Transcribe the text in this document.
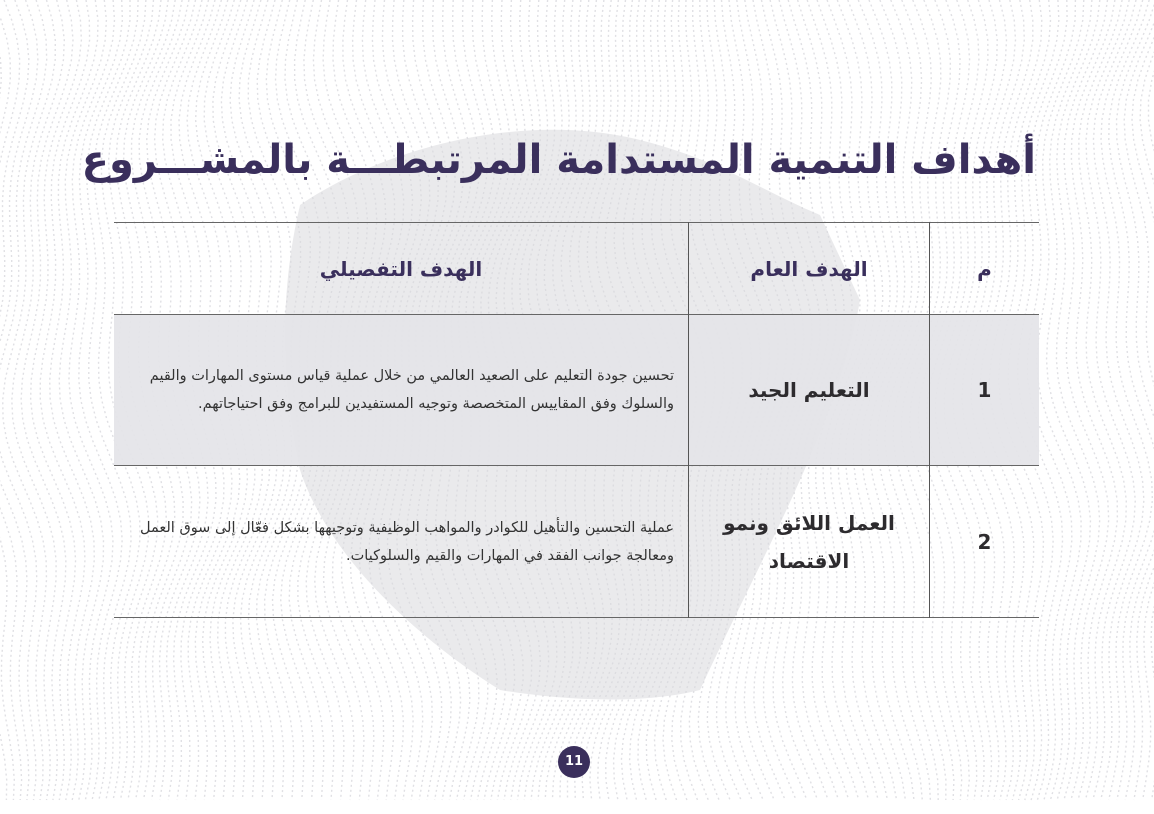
أهداف التنمية المستدامة المرتبطـــة بالمشـــروع
م	الهدف العام	الهدف التفصيلي
1	التعليم الجيد	تحسين جودة التعليم على الصعيد العالمي من خلال عملية قياس مستوى المهارات والقيم والسلوك وفق المقاييس المتخصصة وتوجيه المستفيدين للبرامج وفق احتياجاتهم.
2	العمل اللائق ونمو الاقتصاد	عملية التحسين والتأهيل للكوادر والمواهب الوظيفية وتوجيهها بشكل فعّال إلى سوق العمل ومعالجة جوانب الفقد في المهارات والقيم والسلوكيات.
11
